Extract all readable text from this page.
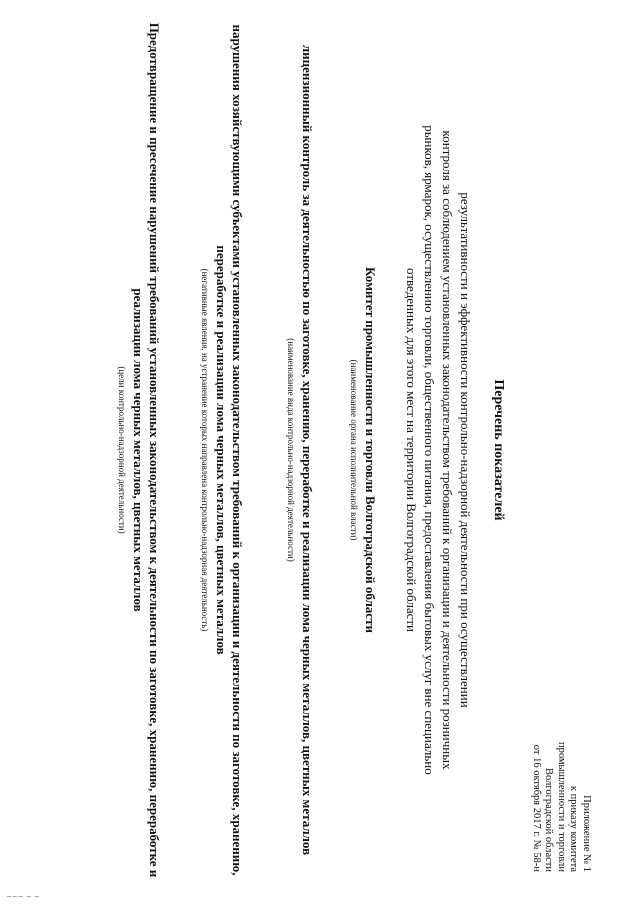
Приложение № 1
к приказу комитета
промышленности и торговли
Волгоградской области
от 16 октября 2017 г. № 58-н
Перечень показателей
результативности и эффективности контрольно-надзорной деятельности при осуществлении
контроля за соблюдением установленных законодательством требований к организации и деятельности розничных
рынков, ярмарок, осуществлению торговли, общественного питания, предоставления бытовых услуг вне специально
отведенных для этого мест на территории Волгоградской области
Комитет промышленности и торговли Волгоградской области
(наименование органа исполнительной власти)
лицензионный контроль за деятельностью по заготовке, хранению, переработке и реализации лома черных металлов, цветных металлов
(наименование вида контрольно-надзорной деятельности)
нарушения хозяйствующими субъектами установленных законодательством требований к организации и деятельности по заготовке, хранению, переработке и реализации лома черных металлов, цветных металлов
(негативные явления, на устранение которых направлена контрольно-надзорная деятельность)
Предотвращение и пресечение нарушений требований установленных законодательством к деятельности по заготовке, хранению, переработке и реализации лома черных металлов, цветных металлов
(цели контрольно-надзорной деятельности)
~~~ ~ ~
